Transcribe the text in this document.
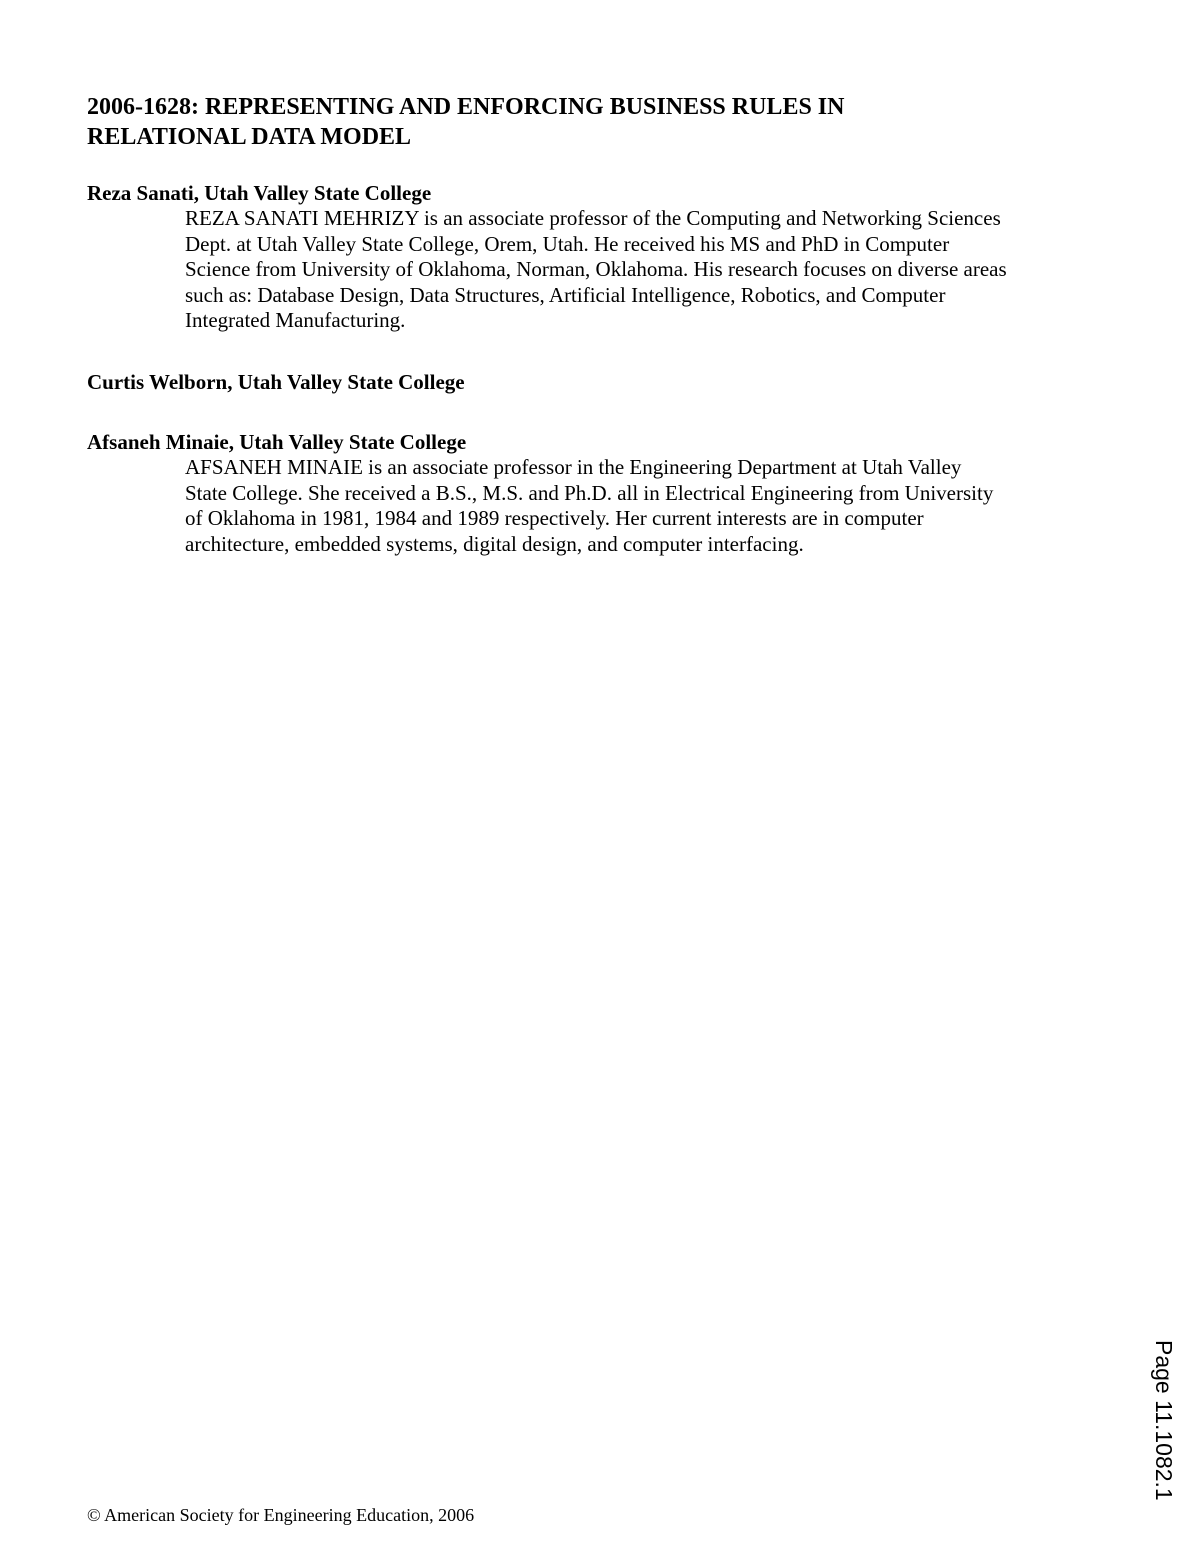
2006-1628: REPRESENTING AND ENFORCING BUSINESS RULES IN
RELATIONAL DATA MODEL

Reza Sanati, Utah Valley State College

REZA SANATI MEHRIZY is an associate professor of the Computing and Networking Sciences
Dept. at Utah Valley State College, Orem, Utah. He received his MS and PhD in Computer
Science from University of Oklahoma, Norman, Oklahoma. His research focuses on diverse areas
such as: Database Design, Data Structures, Artificial Intelligence, Robotics, and Computer
Integrated Manufacturing.

Curtis Welborn, Utah Valley State College

Afsaneh Minaie, Utah Valley State College

AFSANEH MINAIE is an associate professor in the Engineering Department at Utah Valley
State College. She received a B.S., M.S. and Ph.D. all in Electrical Engineering from University
of Oklahoma in 1981, 1984 and 1989 respectively. Her current interests are in computer
architecture, embedded systems, digital design, and computer interfacing.

© American Society for Engineering Education, 2006

Page 11.1082.1
